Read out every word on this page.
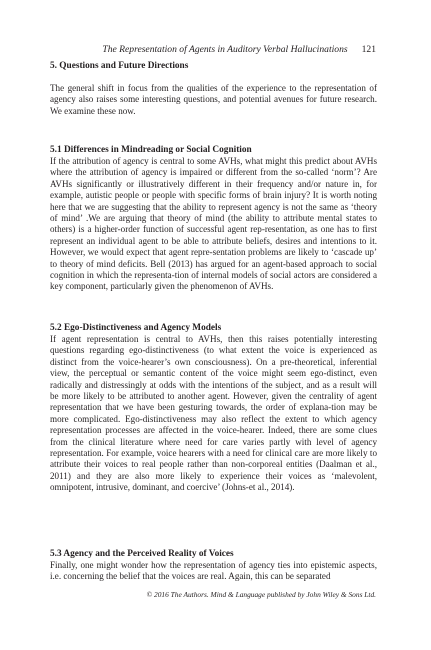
The Representation of Agents in Auditory Verbal Hallucinations 121
5. Questions and Future Directions

The general shift in focus from the qualities of the experience to the representation of agency also raises some interesting questions, and potential avenues for future research. We examine these now.

5.1 Differences in Mindreading or Social Cognition

If the attribution of agency is central to some AVHs, what might this predict about AVHs where the attribution of agency is impaired or different from the so-called ‘norm’? Are AVHs significantly or illustratively different in their frequency and/or nature in, for example, autistic people or people with specific forms of brain injury? It is worth noting here that we are suggesting that the ability to represent agency is not the same as ‘theory of mind’ .We are arguing that theory of mind (the ability to attribute mental states to others) is a higher-order function of successful agent rep-resentation, as one has to first represent an individual agent to be able to attribute beliefs, desires and intentions to it. However, we would expect that agent repre-sentation problems are likely to ‘cascade up’ to theory of mind deficits. Bell (2013) has argued for an agent-based approach to social cognition in which the representa-tion of internal models of social actors are considered a key component, particularly given the phenomenon of AVHs.

5.2 Ego-Distinctiveness and Agency Models

If agent representation is central to AVHs, then this raises potentially interesting questions regarding ego-distinctiveness (to what extent the voice is experienced as distinct from the voice-hearer’s own consciousness). On a pre-theoretical, inferential view, the perceptual or semantic content of the voice might seem ego-distinct, even radically and distressingly at odds with the intentions of the subject, and as a result will be more likely to be attributed to another agent. However, given the centrality of agent representation that we have been gesturing towards, the order of explana-tion may be more complicated. Ego-distinctiveness may also reflect the extent to which agency representation processes are affected in the voice-hearer. Indeed, there are some clues from the clinical literature where need for care varies partly with level of agency representation. For example, voice hearers with a need for clinical care are more likely to attribute their voices to real people rather than non-corporeal entities (Daalman et al., 2011) and they are also more likely to experience their voices as ‘malevolent, omnipotent, intrusive, dominant, and coercive’ (Johns-et al., 2014).

5.3 Agency and the Perceived Reality of Voices

Finally, one might wonder how the representation of agency ties into epistemic aspects, i.e. concerning the belief that the voices are real. Again, this can be separated

© 2016 The Authors. Mind & Language published by John Wiley & Sons Ltd.
